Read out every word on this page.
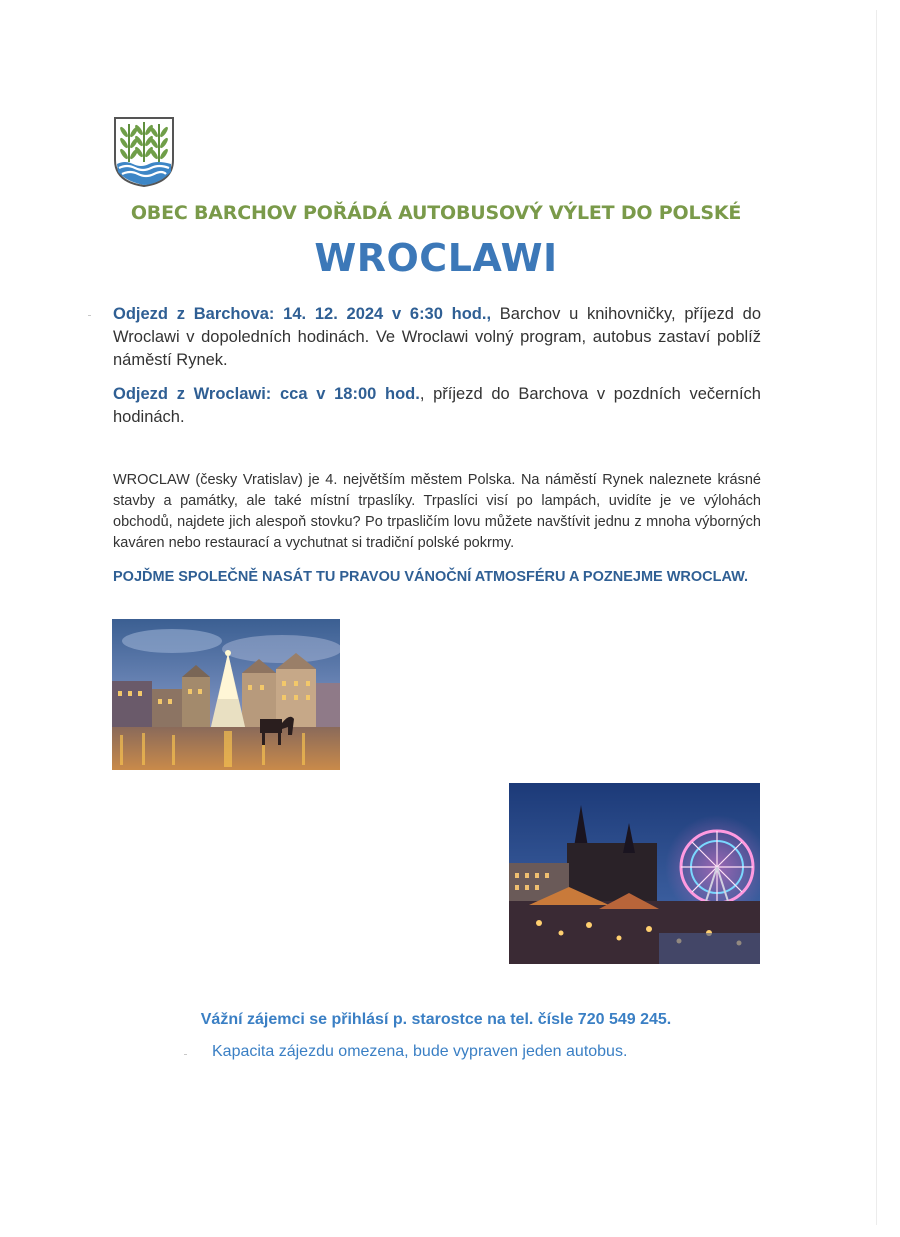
OBEC BARCHOV POŘÁDÁ AUTOBUSOVÝ VÝLET DO POLSKÉ
WROCLAWI
Odjezd z Barchova: 14. 12. 2024 v 6:30 hod., Barchov u knihovničky, příjezd do Wroclawi v dopoledních hodinách. Ve Wroclawi volný program, autobus zastaví poblíž náměstí Rynek.
Odjezd z Wroclawi: cca v 18:00 hod., příjezd do Barchova v pozdních večerních hodinách.
WROCLAW (česky Vratislav) je 4. největším městem Polska. Na náměstí Rynek naleznete krásné stavby a památky, ale také místní trpaslíky. Trpaslíci visí po lampách, uvidíte je ve výlohách obchodů, najdete jich alespoň stovku? Po trpasličím lovu můžete navštívit jednu z mnoha výborných kaváren nebo restaurací a vychutnat si tradiční polské pokrmy.
POJĎME SPOLEČNĚ NASÁT TU PRAVOU VÁNOČNÍ ATMOSFÉRU A POZNEJME WROCLAW.
Vážní zájemci se přihlásí p. starostce na tel. čísle 720 549 245.
Kapacita zájezdu omezena, bude vypraven jeden autobus.
